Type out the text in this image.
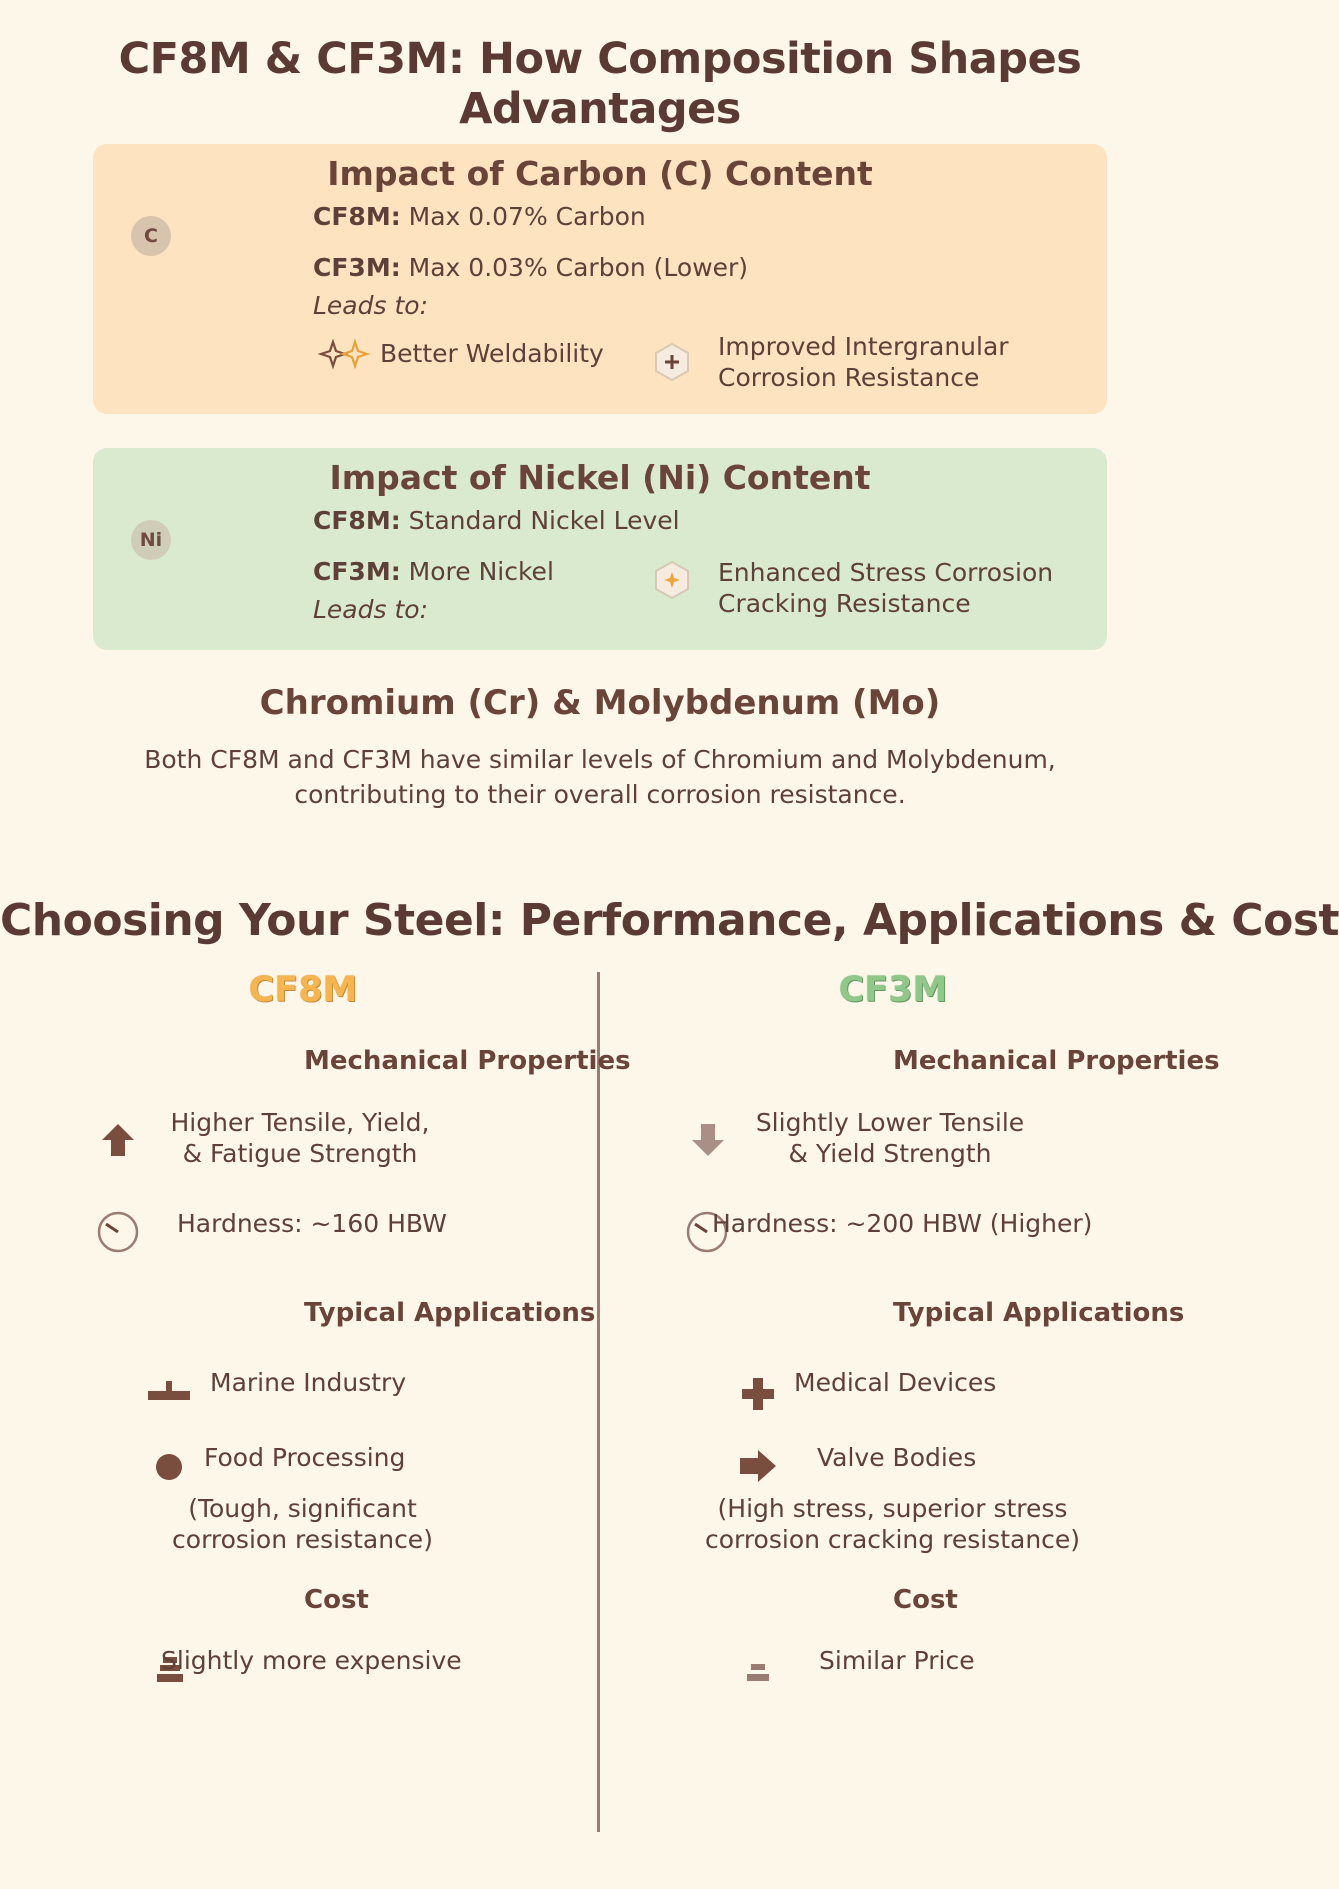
CF8M & CF3M: How Composition Shapes Advantages
Impact of Carbon (C) Content
C
CF8M: Max 0.07% Carbon
CF3M: Max 0.03% Carbon (Lower)
Leads to:
Better Weldability	Improved Intergranular
Corrosion Resistance
Impact of Nickel (Ni) Content
Ni
CF8M: Standard Nickel Level
CF3M: More Nickel
Leads to:
Enhanced Stress Corrosion
Cracking Resistance
Chromium (Cr) & Molybdenum (Mo)
Both CF8M and CF3M have similar levels of Chromium and Molybdenum,
contributing to their overall corrosion resistance.
Choosing Your Steel: Performance, Applications & Cost
CF8M
Mechanical Properties
Higher Tensile, Yield,
& Fatigue Strength
Hardness: ~160 HBW
Typical Applications
Marine Industry
Food Processing
(Tough, significant
corrosion resistance)
Cost
Slightly more expensive
CF3M
Mechanical Properties
Slightly Lower Tensile
& Yield Strength
Hardness: ~200 HBW (Higher)
Typical Applications
Medical Devices
Valve Bodies
(High stress, superior stress
corrosion cracking resistance)
Cost
Similar Price
